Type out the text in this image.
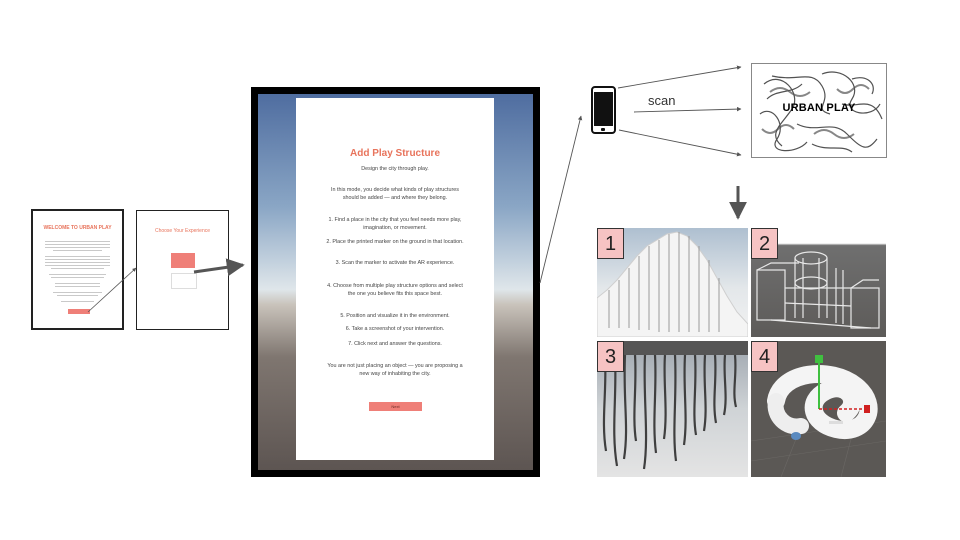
WELCOME TO URBAN PLAY	Choose Your Experience
Add Play Structure
Design the city through play.
In this mode, you decide what kinds of play structures should be added — and where they belong.
1. Find a place in the city that you feel needs more play, imagination, or movement.
2. Place the printed marker on the ground in that location.
3. Scan the marker to activate the AR experience.
4. Choose from multiple play structure options and select the one you believe fits this space best.
5. Position and visualize it in the environment.
6. Take a screenshot of your intervention.
7. Click next and answer the questions.
You are not just placing an object — you are proposing a new way of inhabiting the city.
Next
scan	URBAN PLAY
1	2
3	4
